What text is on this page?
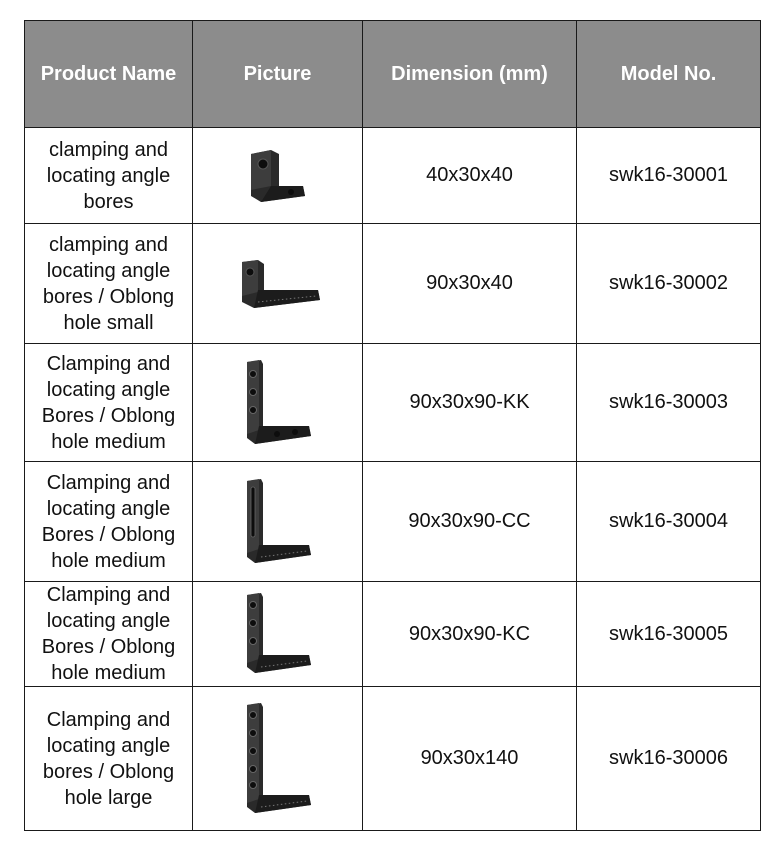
Product Name	Picture	Dimension (mm)	Model No.

clamping and
locating angle
bores		40x30x40	swk16-30001

clamping and
locating angle
bores / Oblong
hole small		90x30x40	swk16-30002

Clamping and
locating angle
Bores / Oblong
hole medium		90x30x90-KK	swk16-30003

Clamping and
locating angle
Bores / Oblong
hole medium		90x30x90-CC	swk16-30004

Clamping and
locating angle
Bores / Oblong
hole medium		90x30x90-KC	swk16-30005

Clamping and
locating angle
bores / Oblong
hole large		90x30x140	swk16-30006
